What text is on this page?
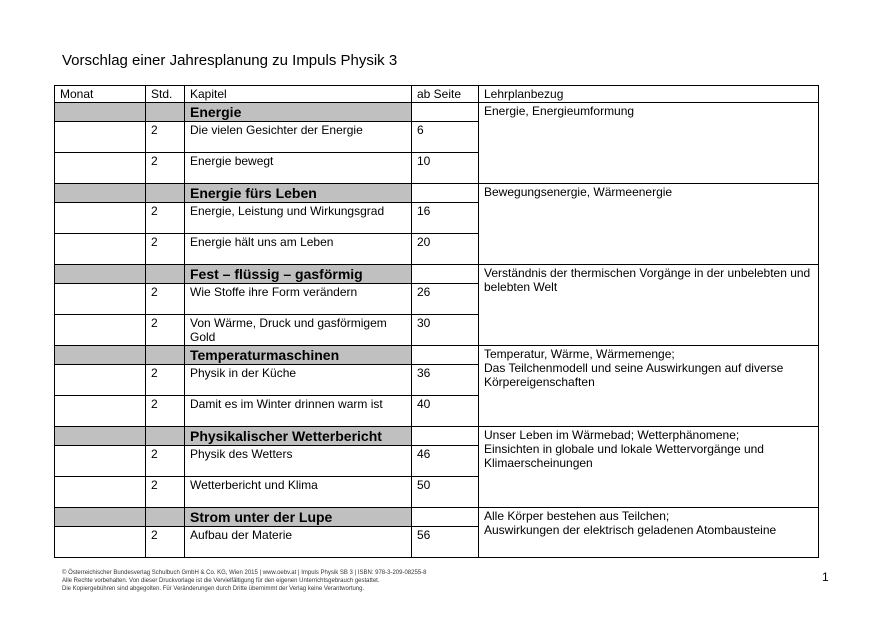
Vorschlag einer Jahresplanung zu Impuls Physik 3
Monat	Std.	Kapitel	ab Seite	Lehrplanbezug
		Energie		Energie, Energieumformung
	2	Die vielen Gesichter der Energie	6	
	2	Energie bewegt	10	
		Energie fürs Leben		Bewegungsenergie, Wärmeenergie
	2	Energie, Leistung und Wirkungsgrad	16	
	2	Energie hält uns am Leben	20	
		Fest – flüssig – gasförmig		Verständnis der thermischen Vorgänge in der unbelebten und belebten Welt
	2	Wie Stoffe ihre Form verändern	26	
	2	Von Wärme, Druck und gasförmigem Gold	30	
		Temperaturmaschinen		Temperatur, Wärme, Wärmemenge;
Das Teilchenmodell und seine Auswirkungen auf diverse Körpereigenschaften
	2	Physik in der Küche	36	
	2	Damit es im Winter drinnen warm ist	40	
		Physikalischer Wetterbericht		Unser Leben im Wärmebad; Wetterphänomene;
Einsichten in globale und lokale Wettervorgänge und Klimaerscheinungen
	2	Physik des Wetters	46	
	2	Wetterbericht und Klima	50	
		Strom unter der Lupe		Alle Körper bestehen aus Teilchen;
Auswirkungen der elektrisch geladenen Atombausteine
	2	Aufbau der Materie	56	
© Österreichischer Bundesverlag Schulbuch GmbH & Co. KG, Wien 2015 | www.oebv.at | Impuls Physik SB 3 | ISBN: 978-3-209-08255-8
Alle Rechte vorbehalten. Von dieser Druckvorlage ist die Vervielfältigung für den eigenen Unterrichtsgebrauch gestattet.
Die Kopiergebühren sind abgegolten. Für Veränderungen durch Dritte übernimmt der Verlag keine Verantwortung.
1
